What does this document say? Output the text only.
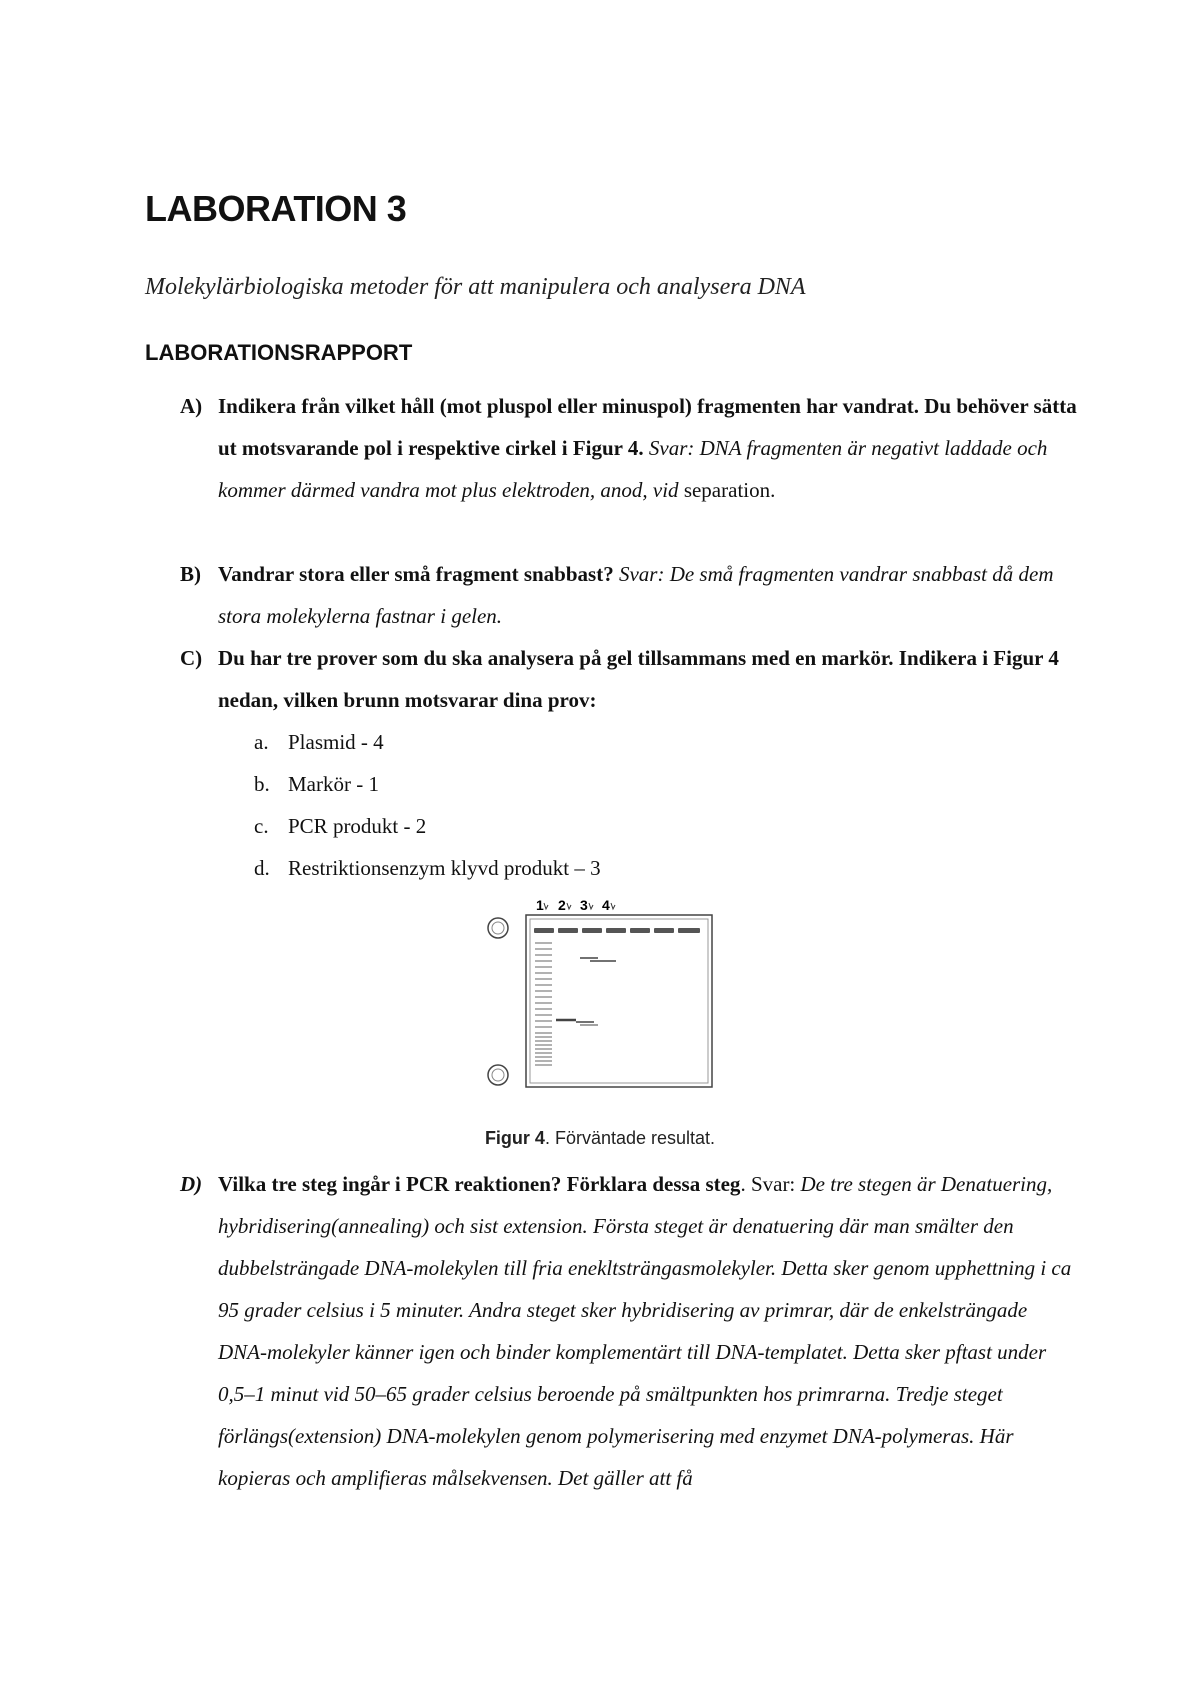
LABORATION 3

Molekylärbiologiska metoder för att manipulera och analysera DNA

LABORATIONSRAPPORT
A) Indikera från vilket håll (mot pluspol eller minuspol) fragmenten har vandrat. Du behöver sätta ut motsvarande pol i respektive cirkel i Figur 4. Svar: DNA fragmenten är negativt laddade och kommer därmed vandra mot plus elektroden, anod, vid separation.
B) Vandrar stora eller små fragment snabbast? Svar: De små fragmenten vandrar snabbast då dem stora molekylerna fastnar i gelen.
C) Du har tre prover som du ska analysera på gel tillsammans med en markör. Indikera i Figur 4 nedan, vilken brunn motsvarar dina prov:
a. Plasmid - 4
b. Markör - 1
c. PCR produkt - 2
d. Restriktionsenzym klyvd produkt – 3
1 2 3 4
Figur 4. Förväntade resultat.
D) Vilka tre steg ingår i PCR reaktionen? Förklara dessa steg. Svar: De tre stegen är Denatuering, hybridisering(annealing) och sist extension. Första steget är denatuering där man smälter den dubbelsträngade DNA-molekylen till fria enekltsträngasmolekyler. Detta sker genom upphettning i ca 95 grader celsius i 5 minuter. Andra steget sker hybridisering av primrar, där de enkelsträngade DNA-molekyler känner igen och binder komplementärt till DNA-templatet. Detta sker pftast under 0,5–1 minut vid 50–65 grader celsius beroende på smältpunkten hos primrarna. Tredje steget förlängs(extension) DNA-molekylen genom polymerisering med enzymet DNA-polymeras. Här kopieras och amplifieras målsekvensen. Det gäller att få
